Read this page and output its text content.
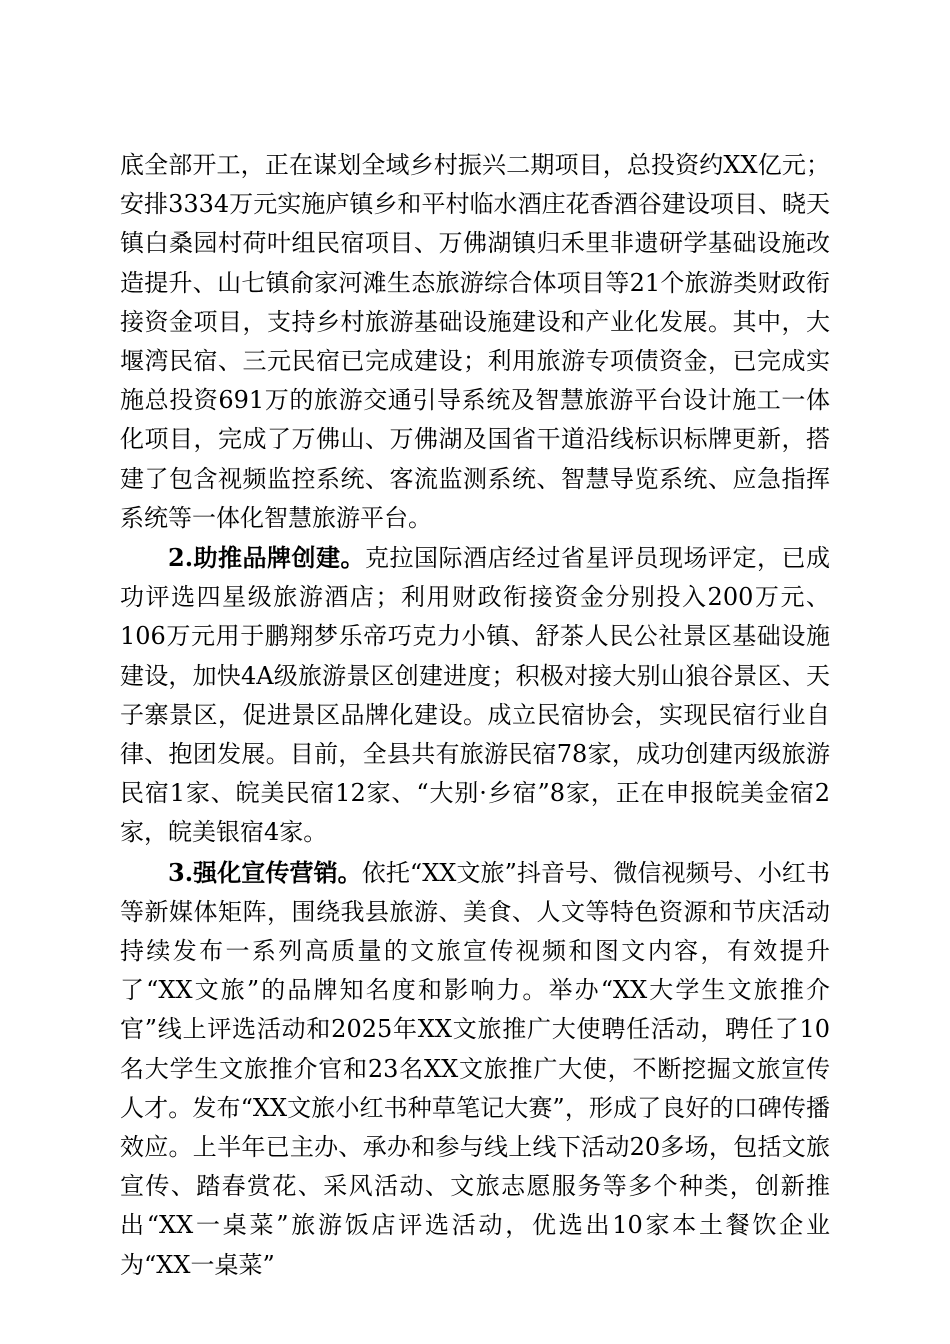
底全部开工，正在谋划全域乡村振兴二期项目，总投资约XX亿元；安排3334万元实施庐镇乡和平村临水酒庄花香酒谷建设项目、晓天镇白桑园村荷叶组民宿项目、万佛湖镇归禾里非遗研学基础设施改造提升、山七镇俞家河滩生态旅游综合体项目等21个旅游类财政衔接资金项目，支持乡村旅游基础设施建设和产业化发展。其中，大堰湾民宿、三元民宿已完成建设；利用旅游专项债资金，已完成实施总投资691万的旅游交通引导系统及智慧旅游平台设计施工一体化项目，完成了万佛山、万佛湖及国省干道沿线标识标牌更新，搭建了包含视频监控系统、客流监测系统、智慧导览系统、应急指挥系统等一体化智慧旅游平台。

2.助推品牌创建。克拉国际酒店经过省星评员现场评定，已成功评选四星级旅游酒店；利用财政衔接资金分别投入200万元、106万元用于鹏翔梦乐帝巧克力小镇、舒茶人民公社景区基础设施建设，加快4A级旅游景区创建进度；积极对接大别山狼谷景区、天子寨景区，促进景区品牌化建设。成立民宿协会，实现民宿行业自律、抱团发展。目前，全县共有旅游民宿78家，成功创建丙级旅游民宿1家、皖美民宿12家、“大别·乡宿”8家，正在申报皖美金宿2家，皖美银宿4家。

3.强化宣传营销。依托“XX文旅”抖音号、微信视频号、小红书等新媒体矩阵，围绕我县旅游、美食、人文等特色资源和节庆活动持续发布一系列高质量的文旅宣传视频和图文内容，有效提升了“XX文旅”的品牌知名度和影响力。举办“XX大学生文旅推介官”线上评选活动和2025年XX文旅推广大使聘任活动，聘任了10名大学生文旅推介官和23名XX文旅推广大使，不断挖掘文旅宣传人才。发布“XX文旅小红书种草笔记大赛”，形成了良好的口碑传播效应。上半年已主办、承办和参与线上线下活动20多场，包括文旅宣传、踏春赏花、采风活动、文旅志愿服务等多个种类，创新推出“XX一桌菜”旅游饭店评选活动，优选出10家本土餐饮企业为“XX一桌菜”
